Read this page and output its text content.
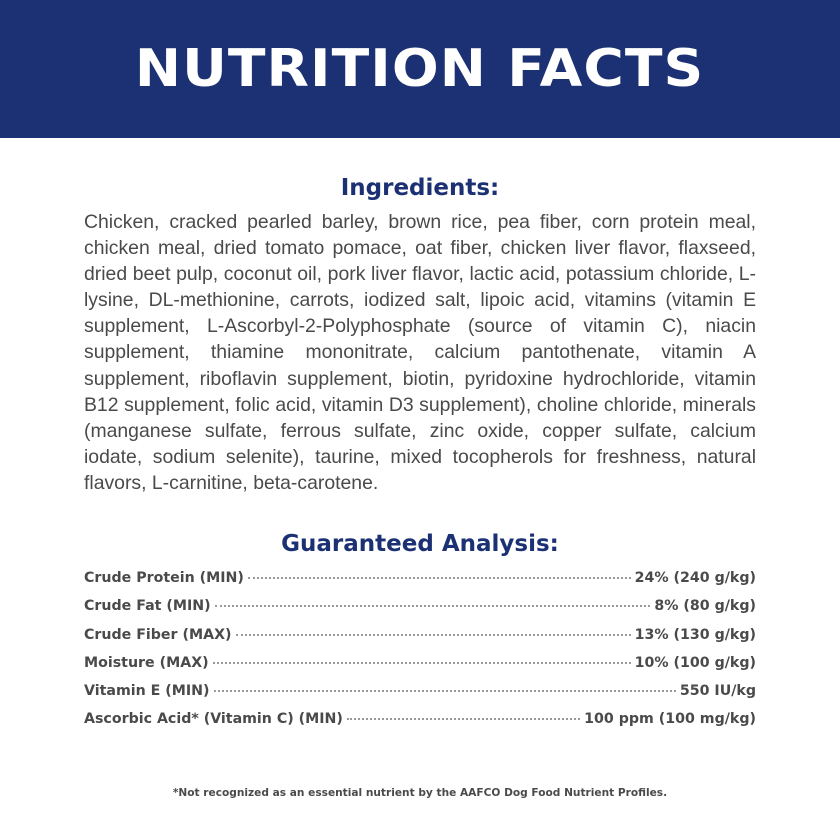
NUTRITION FACTS
Ingredients:

Chicken, cracked pearled barley, brown rice, pea fiber, corn protein meal, chicken meal, dried tomato pomace, oat fiber, chicken liver flavor, flaxseed, dried beet pulp, coconut oil, pork liver flavor, lactic acid, potassium chloride, L-lysine, DL-methionine, carrots, iodized salt, lipoic acid, vitamins (vitamin E supplement, L-Ascorbyl-2-Polyphosphate (source of vitamin C), niacin supplement, thiamine mononitrate, calcium pantothenate, vitamin A supplement, riboflavin supplement, biotin, pyridoxine hydrochloride, vitamin B12 supplement, folic acid, vitamin D3 supplement), choline chloride, minerals (manganese sulfate, ferrous sulfate, zinc oxide, copper sulfate, calcium iodate, sodium selenite), taurine, mixed tocopherols for freshness, natural flavors, L-carnitine, beta-carotene.

Guaranteed Analysis:
Crude Protein (MIN)	24% (240 g/kg)
Crude Fat (MIN)	8% (80 g/kg)
Crude Fiber (MAX)	13% (130 g/kg)
Moisture (MAX)	10% (100 g/kg)
Vitamin E (MIN)	550 IU/kg
Ascorbic Acid* (Vitamin C) (MIN)	100 ppm (100 mg/kg)

*Not recognized as an essential nutrient by the AAFCO Dog Food Nutrient Profiles.
